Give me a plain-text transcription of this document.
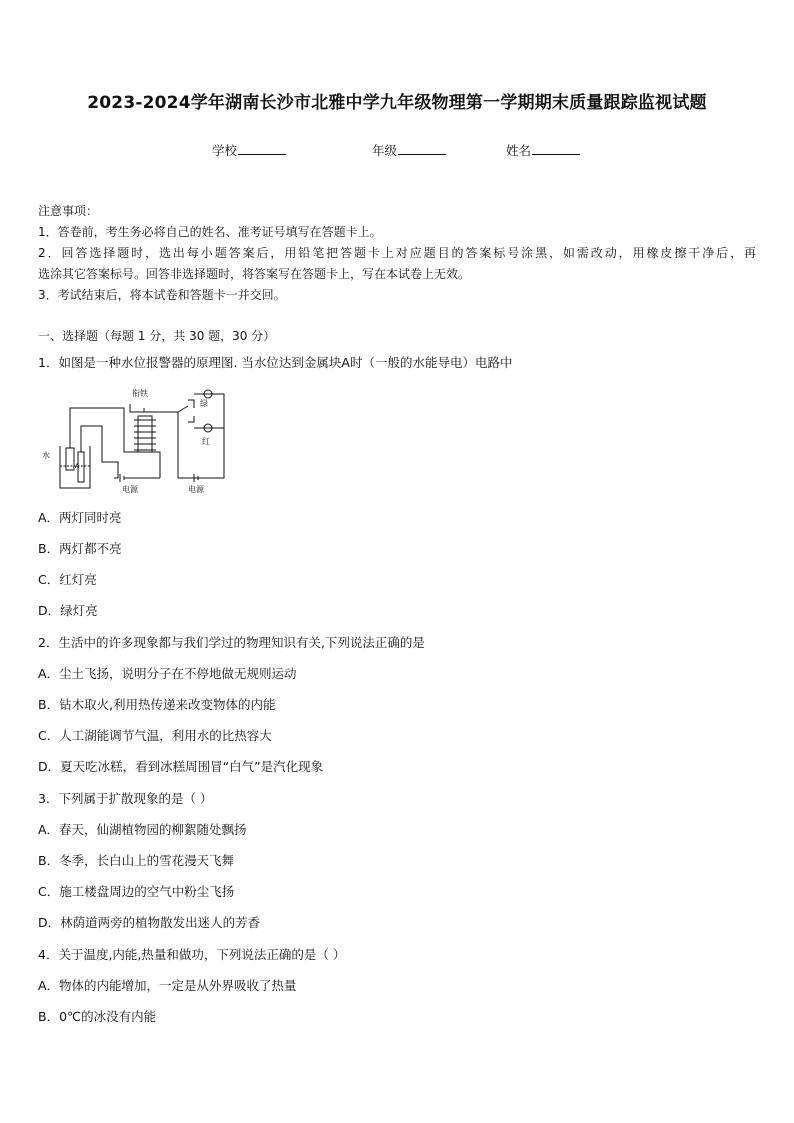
2023-2024学年湖南长沙市北雅中学九年级物理第一学期期末质量跟踪监视试题
学校	年级	姓名
注意事项：
1．答卷前，考生务必将自己的姓名、准考证号填写在答题卡上。
2．回答选择题时，选出每小题答案后，用铅笔把答题卡上对应题目的答案标号涂黑，如需改动，用橡皮擦干净后，再
选涂其它答案标号。回答非选择题时，将答案写在答题卡上，写在本试卷上无效。
3．考试结束后，将本试卷和答题卡一并交回。
一、选择题（每题 1 分，共 30 题，30 分）
1．如图是一种水位报警器的原理图. 当水位达到金属块A时（一般的水能导电）电路中
衔铁
绿
红
水
电源	电源
A
A．两灯同时亮
B．两灯都不亮
C．红灯亮
D．绿灯亮
2．生活中的许多现象都与我们学过的物理知识有关,下列说法正确的是
A．尘土飞扬，说明分子在不停地做无规则运动
B．钻木取火,利用热传递来改变物体的内能
C．人工湖能调节气温，利用水的比热容大
D．夏天吃冰糕，看到冰糕周围冒“白气”是汽化现象
3．下列属于扩散现象的是（ ）
A．春天，仙湖植物园的柳絮随处飘扬
B．冬季，长白山上的雪花漫天飞舞
C．施工楼盘周边的空气中粉尘飞扬
D．林荫道两旁的植物散发出迷人的芳香
4．关于温度,内能,热量和做功，下列说法正确的是（ ）
A．物体的内能增加，一定是从外界吸收了热量
B．0℃的冰没有内能
